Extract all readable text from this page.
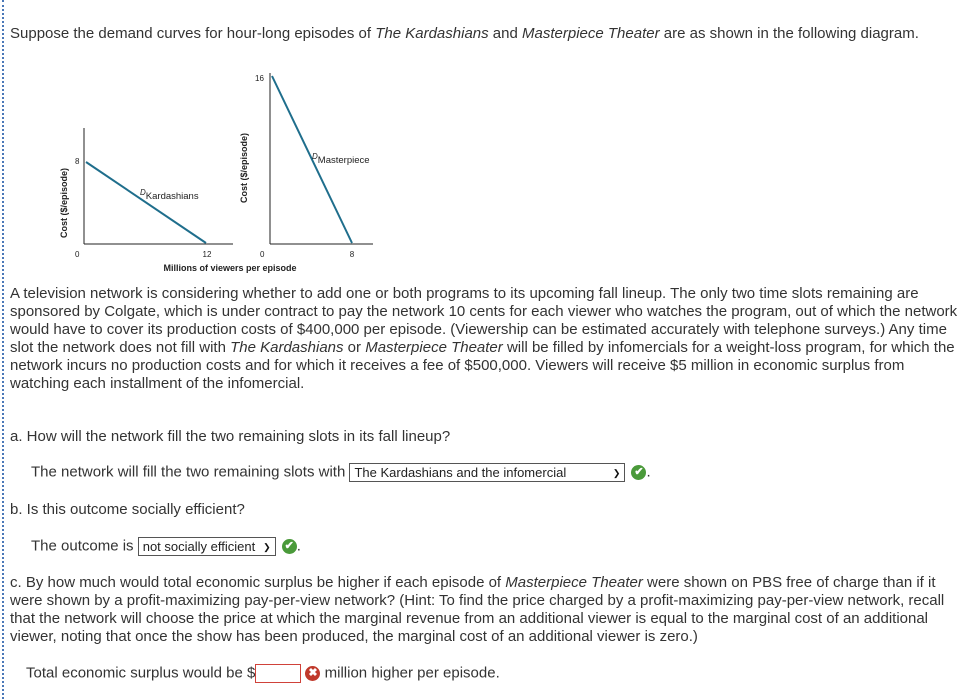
Suppose the demand curves for hour-long episodes of The Kardashians and Masterpiece Theater are as shown in the following diagram.
Cost ($/episode)
8
0	12
$^D$Kardashians	Cost ($/episode)
16
0	8
$^D$Masterpiece
Millions of viewers per episode
A television network is considering whether to add one or both programs to its upcoming fall lineup. The only two time slots remaining are sponsored by Colgate, which is under contract to pay the network 10 cents for each viewer who watches the program, out of which the network would have to cover its production costs of $400,000 per episode. (Viewership can be estimated accurately with telephone surveys.) Any time slot the network does not fill with The Kardashians or Masterpiece Theater will be filled by infomercials for a weight-loss program, for which the network incurs no production costs and for which it receives a fee of $500,000. Viewers will receive $5 million in economic surplus from watching each installment of the infomercial.
a. How will the network fill the two remaining slots in its fall lineup?
The network will fill the two remaining slots with The Kardashians and the infomercial	❯ ✔ .
b. Is this outcome socially efficient?
The outcome is not socially efficient ❯ ✔ .
c. By how much would total economic surplus be higher if each episode of Masterpiece Theater were shown on PBS free of charge than if it were shown by a profit-maximizing pay-per-view network? (Hint: To find the price charged by a profit-maximizing pay-per-view network, recall that the network will choose the price at which the marginal revenue from an additional viewer is equal to the marginal cost of an additional viewer, noting that once the show has been produced, the marginal cost of an additional viewer is zero.)
Total economic surplus would be $	✖ million higher per episode.
